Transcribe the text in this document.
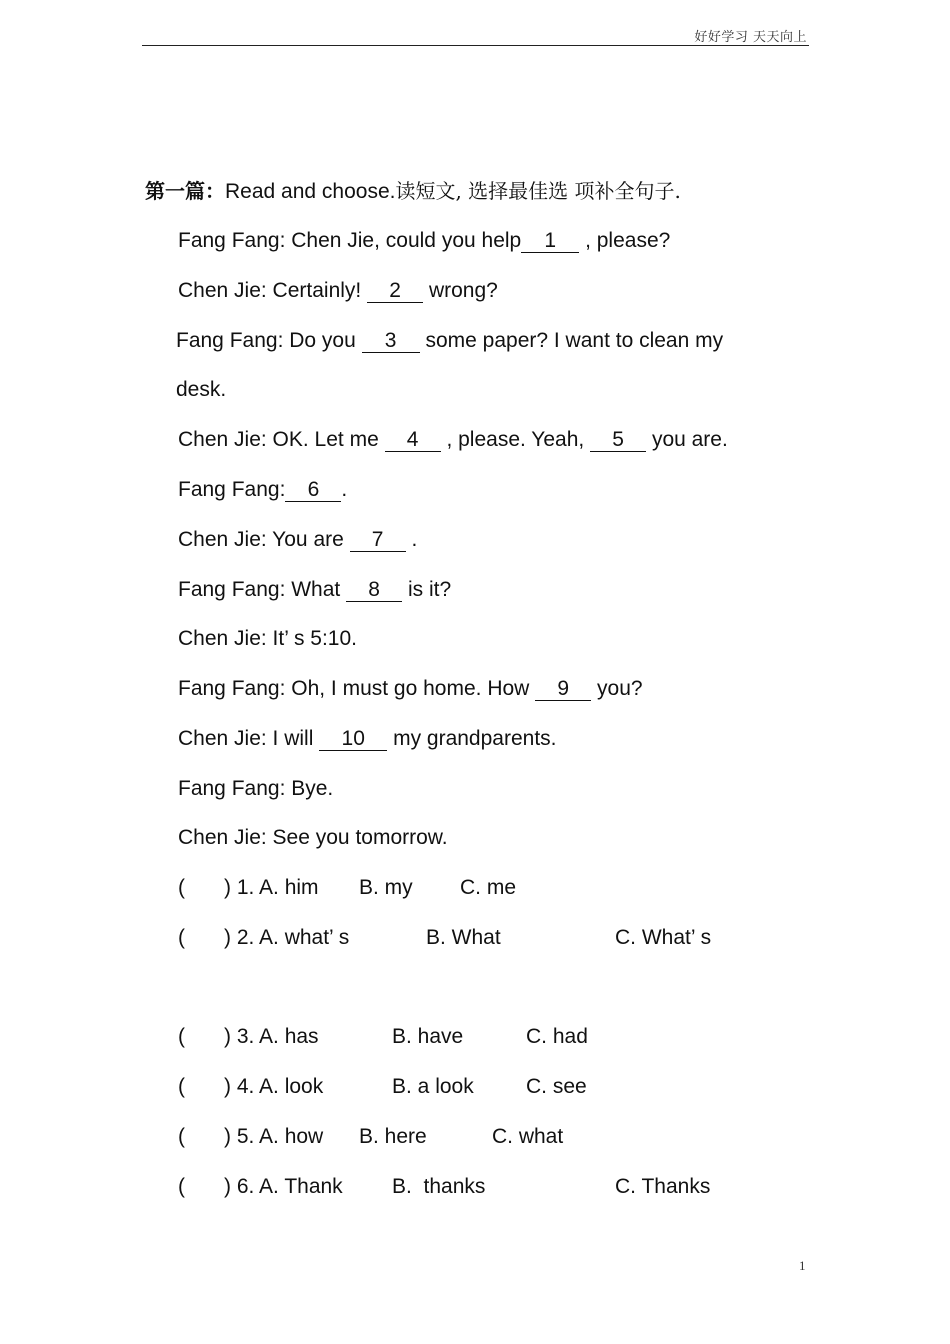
好好学习 天天向上
第一篇：Read and choose.读短文, 选择最佳选 项补全句子.
Fang Fang: Chen Jie, could you help 1 , please?
Chen Jie: Certainly! 2 wrong?
Fang Fang: Do you 3 some paper? I want to clean my
desk.
Chen Jie: OK. Let me 4 , please. Yeah, 5 you are.
Fang Fang: 6 .
Chen Jie: You are 7 .
Fang Fang: What 8 is it?
Chen Jie: It’ s 5:10.
Fang Fang: Oh, I must go home. How 9 you?
Chen Jie: I will 10 my grandparents.
Fang Fang: Bye.
Chen Jie: See you tomorrow.
( ) 1. A. him B. my C. me
( ) 2. A. what’ s	B. What	C. What’ s
( ) 3. A. has	B. have	C. had
( ) 4. A. look	B. a look C. see
( ) 5. A. how B. here	C. what
( ) 6. A. Thank B.  thanks	C. Thanks
1
